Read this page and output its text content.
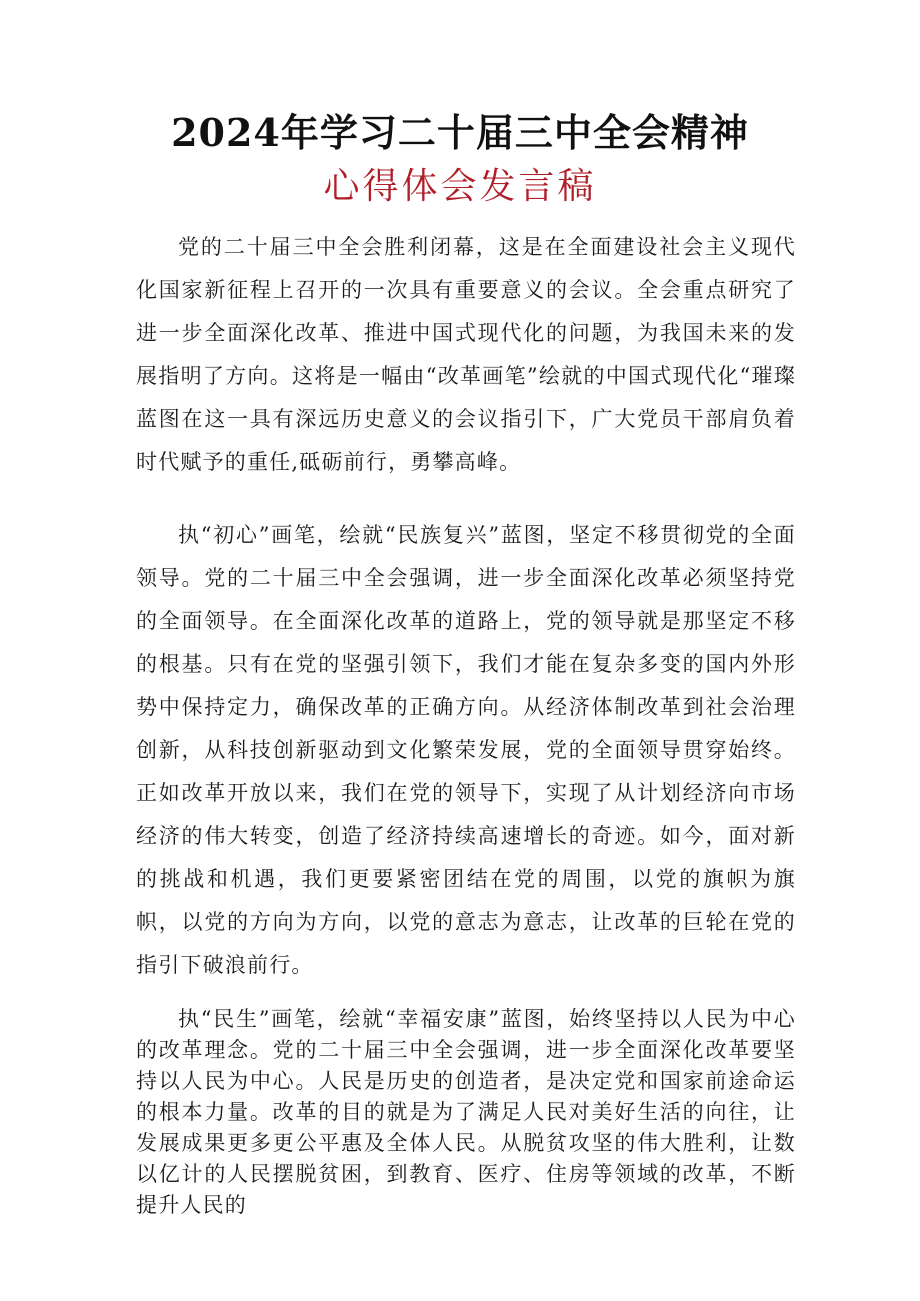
2024年学习二十届三中全会精神
心得体会发言稿

党的二十届三中全会胜利闭幕，这是在全面建设社会主义现代化国家新征程上召开的一次具有重要意义的会议。全会重点研究了进一步全面深化改革、推进中国式现代化的问题，为我国未来的发展指明了方向。这将是一幅由“改革画笔”绘就的中国式现代化“璀璨蓝图在这一具有深远历史意义的会议指引下，广大党员干部肩负着时代赋予的重任,砥砺前行，勇攀高峰。

执“初心”画笔，绘就“民族复兴”蓝图，坚定不移贯彻党的全面领导。党的二十届三中全会强调，进一步全面深化改革必须坚持党的全面领导。在全面深化改革的道路上，党的领导就是那坚定不移的根基。只有在党的坚强引领下，我们才能在复杂多变的国内外形势中保持定力，确保改革的正确方向。从经济体制改革到社会治理创新，从科技创新驱动到文化繁荣发展，党的全面领导贯穿始终。正如改革开放以来，我们在党的领导下，实现了从计划经济向市场经济的伟大转变，创造了经济持续高速增长的奇迹。如今，面对新的挑战和机遇，我们更要紧密团结在党的周围，以党的旗帜为旗帜，以党的方向为方向，以党的意志为意志，让改革的巨轮在党的指引下破浪前行。

执“民生”画笔，绘就“幸福安康”蓝图，始终坚持以人民为中心的改革理念。党的二十届三中全会强调，进一步全面深化改革要坚持以人民为中心。人民是历史的创造者，是决定党和国家前途命运的根本力量。改革的目的就是为了满足人民对美好生活的向往，让发展成果更多更公平惠及全体人民。从脱贫攻坚的伟大胜利，让数以亿计的人民摆脱贫困，到教育、医疗、住房等领域的改革，不断提升人民的
